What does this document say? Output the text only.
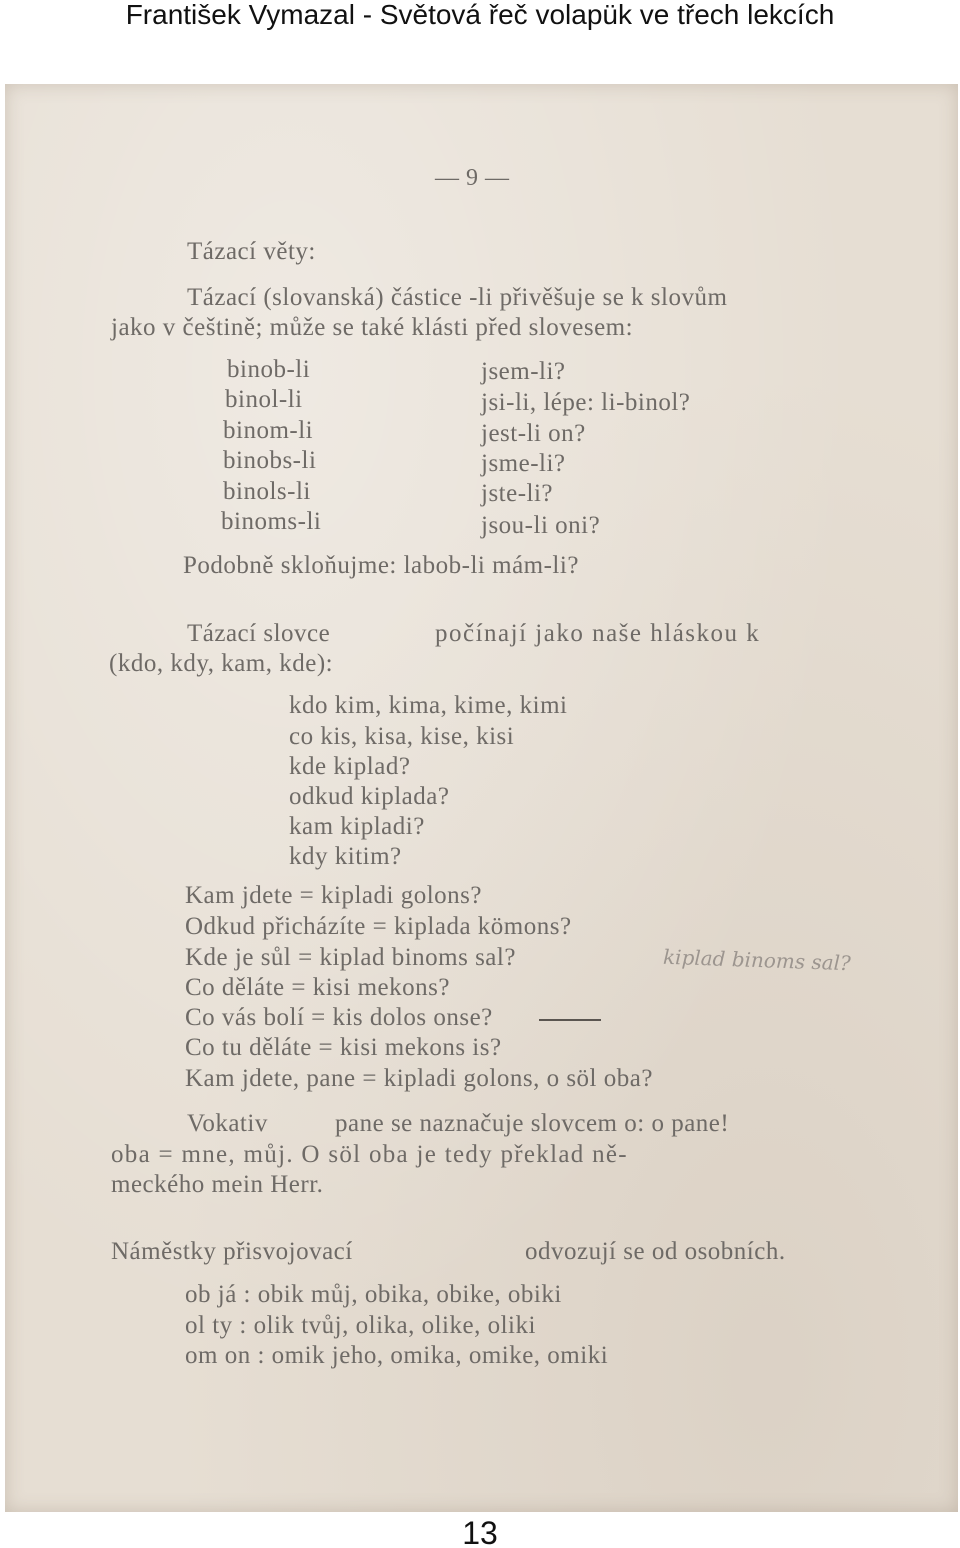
František Vymazal - Světová řeč volapük ve třech lekcích
— 9 —
Tázací věty:
Tázací (slovanská) částice -li přivěšuje se k slovům
jako v češtině; může se také klásti před slovesem:
binob-li	jsem-li?
binol-li	jsi-li, lépe: li-binol?
binom-li	jest-li on?
binobs-li	jsme-li?
binols-li	jste-li?
binoms-li	jsou-li oni?
Podobně skloňujme: labob-li mám-li?
Tázací slovce	počínají jako naše hláskou k
(kdo, kdy, kam, kde):
kdo kim, kima, kime, kimi
co kis, kisa, kise, kisi
kde kiplad?
odkud kiplada?
kam kipladi?
kdy kitim?
Kam jdete = kipladi golons?
Odkud přicházíte = kiplada kömons?
Kde je sůl = kiplad binoms sal?
Co děláte = kisi mekons?
Co vás bolí = kis dolos onse?
Co tu děláte = kisi mekons is?
Kam jdete, pane = kipladi golons, o söl oba?
kiplad binoms sal?
Vokativ	pane se naznačuje slovcem o: o pane!
oba = mne, můj. O söl oba je tedy překlad ně-
meckého mein Herr.
Náměstky přisvojovací	odvozují se od osobních.
ob já : obik můj, obika, obike, obiki
ol ty : olik tvůj, olika, olike, oliki
om on : omik jeho, omika, omike, omiki
13
